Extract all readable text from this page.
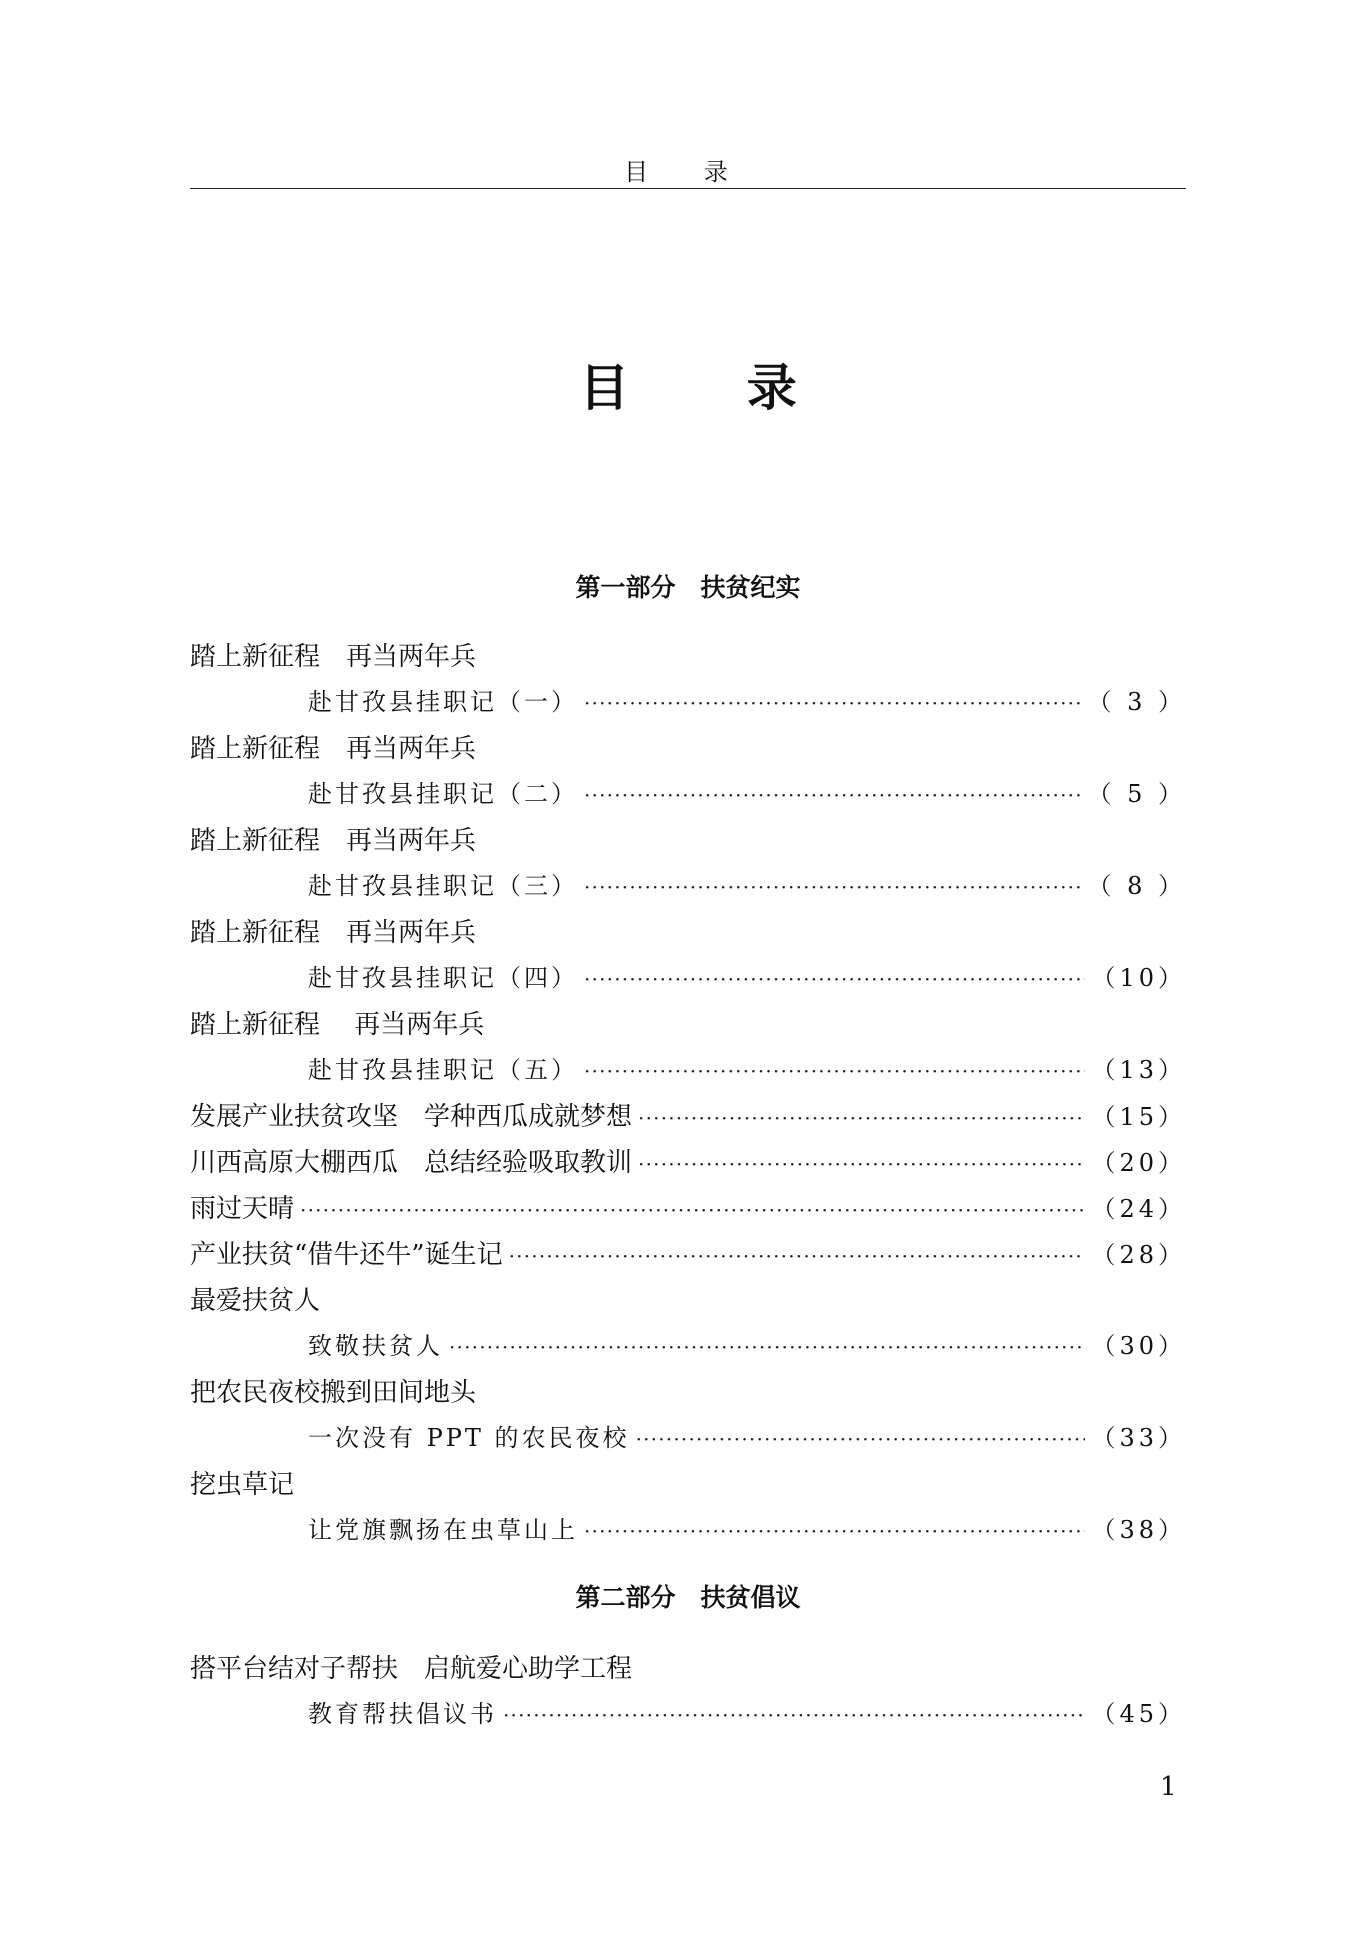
目 录
目 录
第一部分　扶贫纪实
踏上新征程　再当两年兵
赴甘孜县挂职记（一） ·····	（ 3 ）
踏上新征程　再当两年兵
赴甘孜县挂职记（二） ·····	（ 5 ）
踏上新征程　再当两年兵
赴甘孜县挂职记（三） ·····	（ 8 ）
踏上新征程　再当两年兵
赴甘孜县挂职记（四） ·····	（10）
踏上新征程　 再当两年兵
赴甘孜县挂职记（五） ·····	（13）
发展产业扶贫攻坚　学种西瓜成就梦想 ·····	（15）
川西高原大棚西瓜　总结经验吸取教训 ·····	（20）
雨过天晴 ·····	（24）
产业扶贫“借牛还牛”诞生记 ·····	（28）
最爱扶贫人
致敬扶贫人 ·····	（30）
把农民夜校搬到田间地头
一次没有 PPT 的农民夜校 ·····	（33）
挖虫草记
让党旗飘扬在虫草山上 ·····	（38）
第二部分　扶贫倡议
搭平台结对子帮扶　启航爱心助学工程
教育帮扶倡议书 ·····	（45）
1
